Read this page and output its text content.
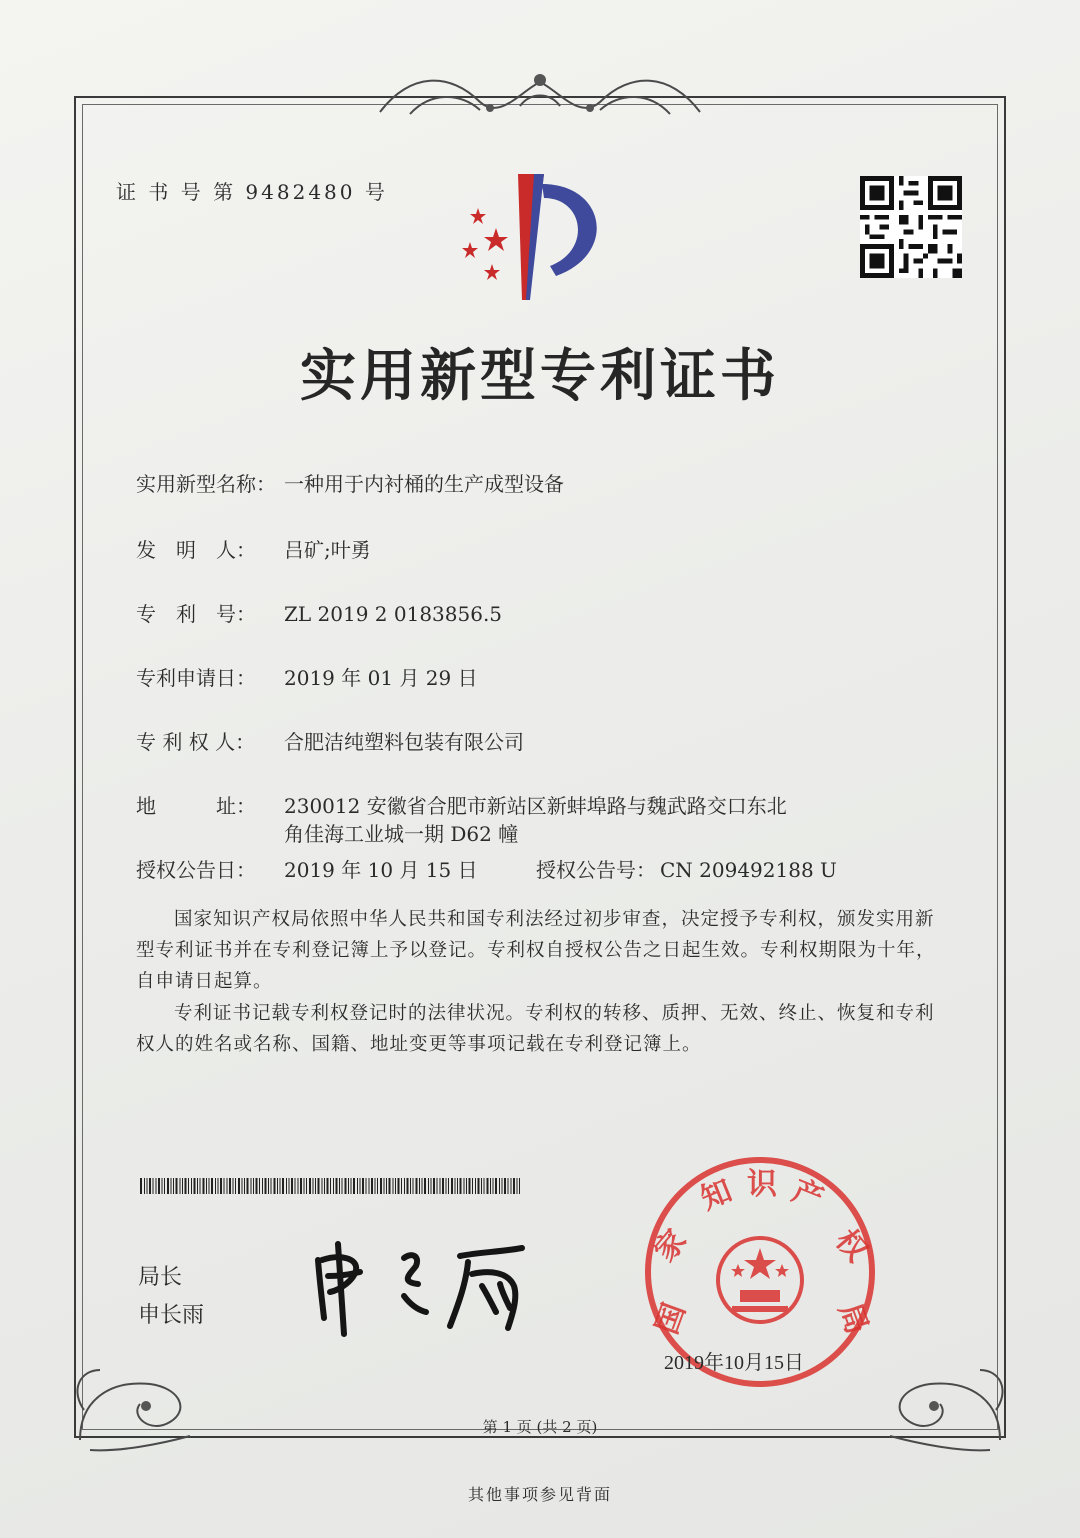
证 书 号 第 9482480 号
实用新型专利证书
实用新型名称： 一种用于内衬桶的生产成型设备
发　明　人： 吕矿;叶勇
专　利　号： ZL 2019 2 0183856.5
专利申请日： 2019 年 01 月 29 日
专 利 权 人： 合肥洁纯塑料包装有限公司
地　　　址： 230012 安徽省合肥市新站区新蚌埠路与魏武路交口东北
角佳海工业城一期 D62 幢
授权公告日： 2019 年 10 月 15 日	授权公告号： CN 209492188 U
国家知识产权局依照中华人民共和国专利法经过初步审查，决定授予专利权，颁发实用新型专利证书并在专利登记簿上予以登记。专利权自授权公告之日起生效。专利权期限为十年，自申请日起算。
专利证书记载专利权登记时的法律状况。专利权的转移、质押、无效、终止、恢复和专利权人的姓名或名称、国籍、地址变更等事项记载在专利登记簿上。
局长
申长雨	国
家
知 识 产
权
局
2019年10月15日
第 1 页 (共 2 页)
其他事项参见背面
